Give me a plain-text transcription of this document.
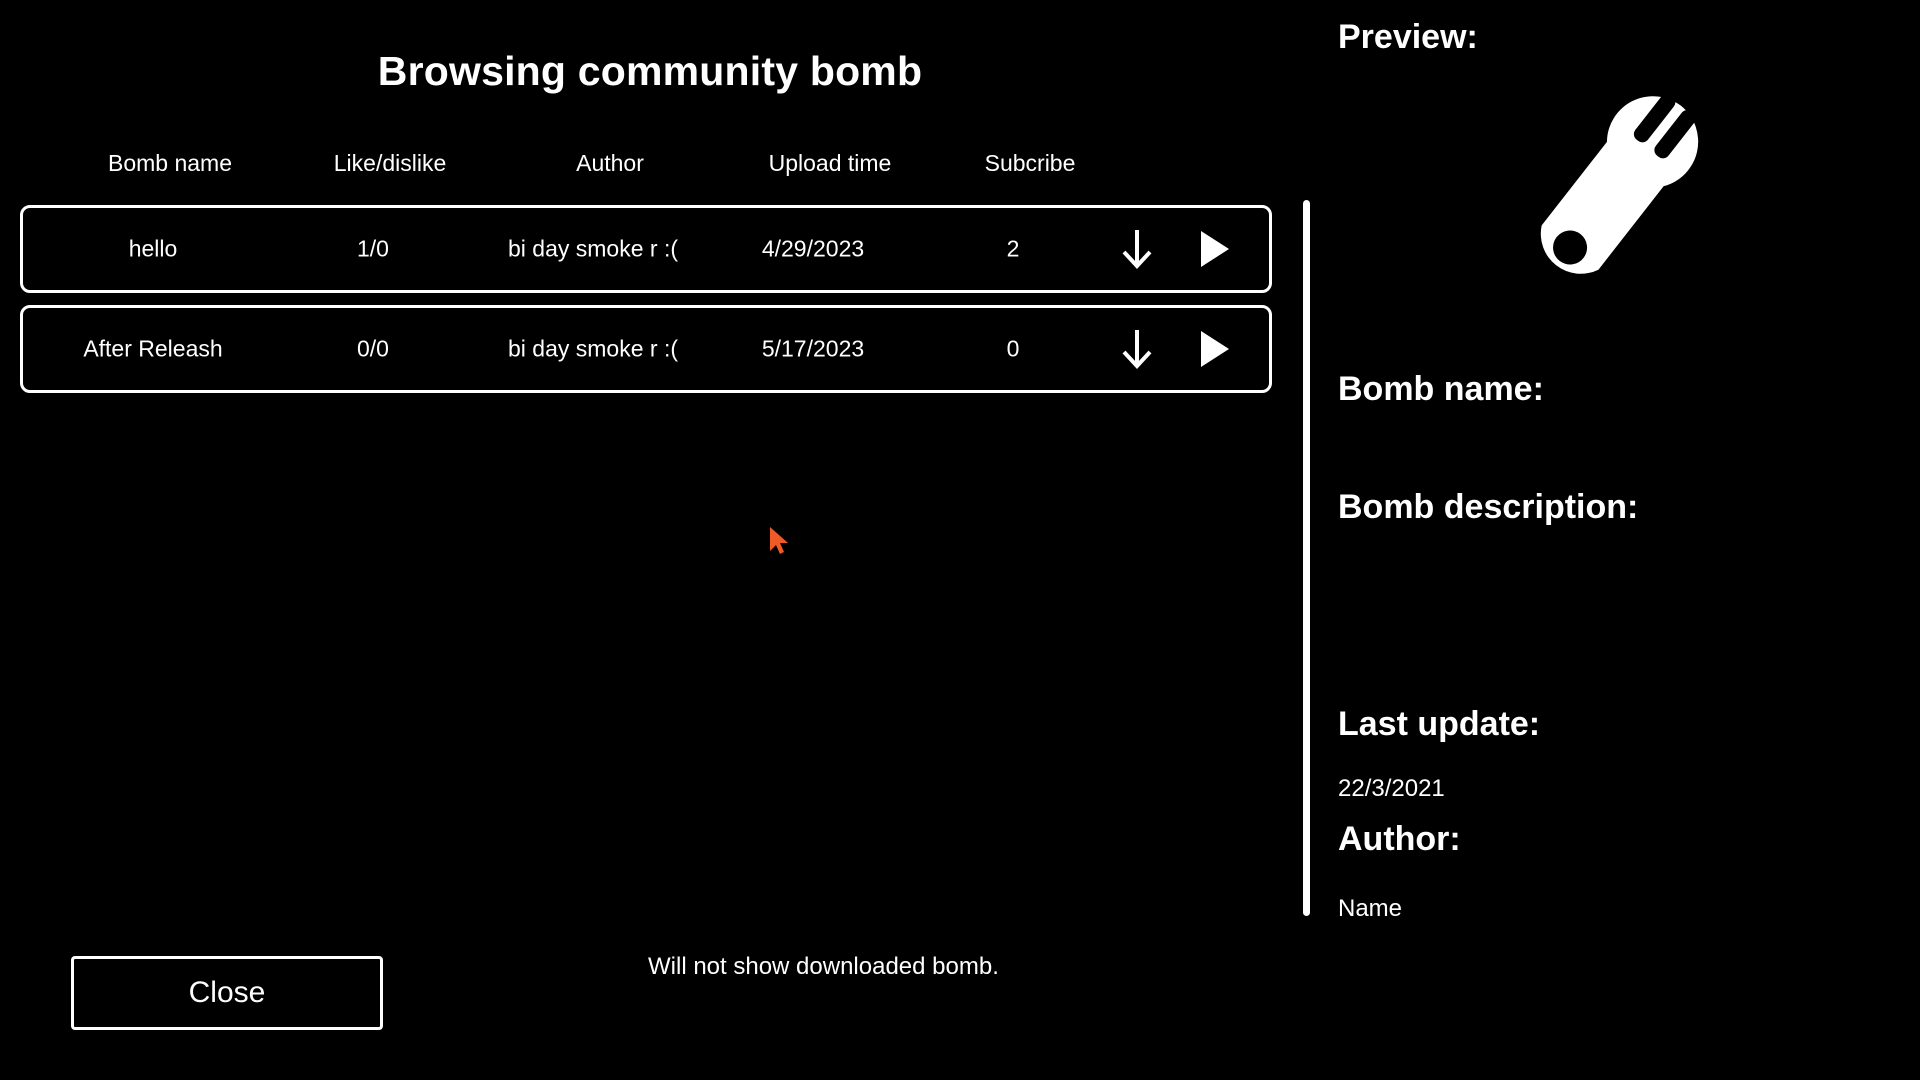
Browsing community bomb
Bomb name	Like/dislike	Author	Upload time	Subcribe
hello	1/0	bi day smoke r :(	4/29/2023	2
After Releash	0/0	bi day smoke r :(	5/17/2023	0
Close
Will not show downloaded bomb.
Preview:
Bomb name:
Bomb description:
Last update:
22/3/2021
Author:
Name
